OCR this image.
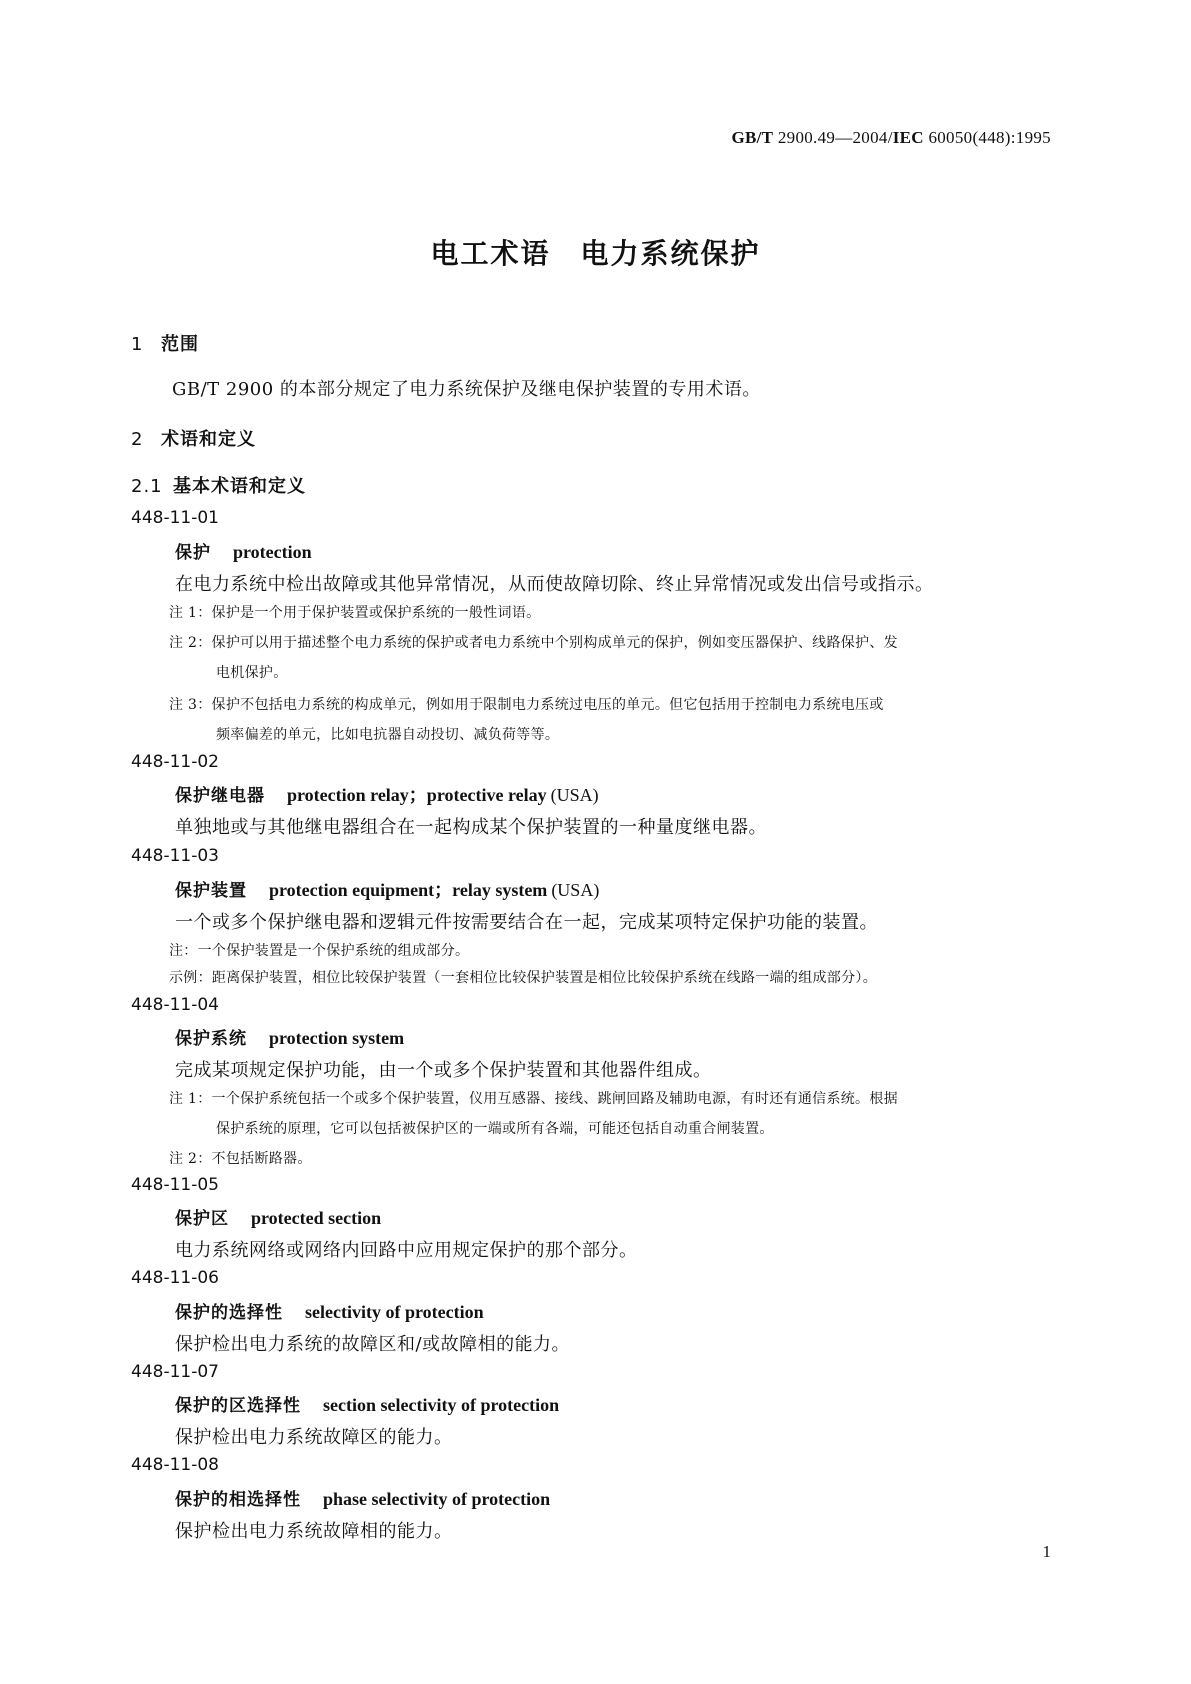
GB/T 2900.49—2004/IEC 60050(448):1995
电工术语　电力系统保护
1 范围
GB/T 2900 的本部分规定了电力系统保护及继电保护装置的专用术语。
2 术语和定义
2.1 基本术语和定义
448-11-01
保护 protection
在电力系统中检出故障或其他异常情况，从而使故障切除、终止异常情况或发出信号或指示。
注 1：保护是一个用于保护装置或保护系统的一般性词语。
注 2：保护可以用于描述整个电力系统的保护或者电力系统中个别构成单元的保护，例如变压器保护、线路保护、发
电机保护。
注 3：保护不包括电力系统的构成单元，例如用于限制电力系统过电压的单元。但它包括用于控制电力系统电压或
频率偏差的单元，比如电抗器自动投切、减负荷等等。
448-11-02
保护继电器 protection relay；protective relay (USA)
单独地或与其他继电器组合在一起构成某个保护装置的一种量度继电器。
448-11-03
保护装置 protection equipment；relay system (USA)
一个或多个保护继电器和逻辑元件按需要结合在一起，完成某项特定保护功能的装置。
注：一个保护装置是一个保护系统的组成部分。
示例：距离保护装置，相位比较保护装置（一套相位比较保护装置是相位比较保护系统在线路一端的组成部分）。
448-11-04
保护系统 protection system
完成某项规定保护功能，由一个或多个保护装置和其他器件组成。
注 1：一个保护系统包括一个或多个保护装置，仪用互感器、接线、跳闸回路及辅助电源，有时还有通信系统。根据
保护系统的原理，它可以包括被保护区的一端或所有各端，可能还包括自动重合闸装置。
注 2：不包括断路器。
448-11-05
保护区 protected section
电力系统网络或网络内回路中应用规定保护的那个部分。
448-11-06
保护的选择性 selectivity of protection
保护检出电力系统的故障区和/或故障相的能力。
448-11-07
保护的区选择性 section selectivity of protection
保护检出电力系统故障区的能力。
448-11-08
保护的相选择性 phase selectivity of protection
保护检出电力系统故障相的能力。
1
